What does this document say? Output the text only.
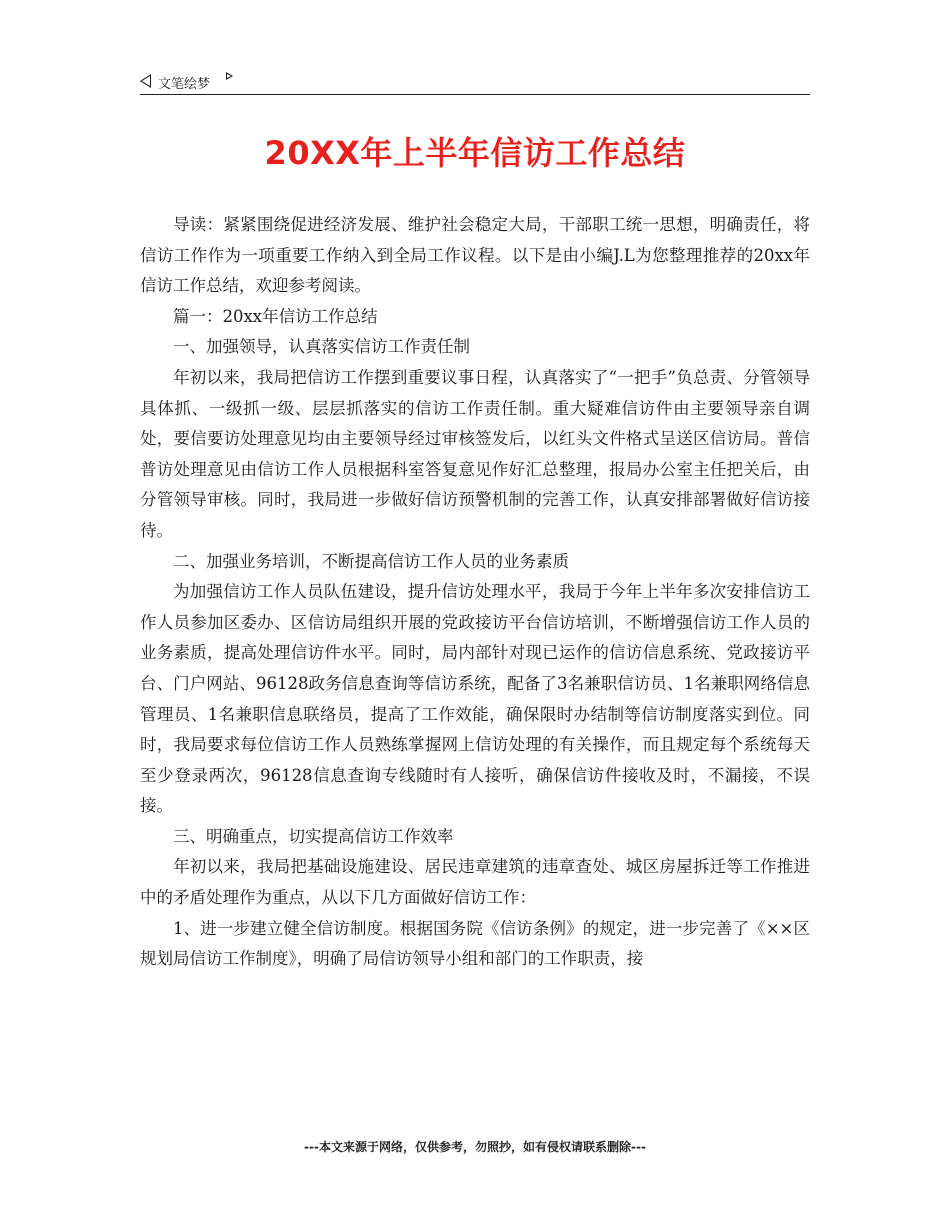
文笔绘梦
20XX年上半年信访工作总结

导读：紧紧围绕促进经济发展、维护社会稳定大局，干部职工统一思想，明确责任，将信访工作作为一项重要工作纳入到全局工作议程。以下是由小编J.L为您整理推荐的20xx年信访工作总结，欢迎参考阅读。

篇一：20xx年信访工作总结

一、加强领导，认真落实信访工作责任制

年初以来，我局把信访工作摆到重要议事日程，认真落实了“一把手”负总责、分管领导具体抓、一级抓一级、层层抓落实的信访工作责任制。重大疑难信访件由主要领导亲自调处，要信要访处理意见均由主要领导经过审核签发后，以红头文件格式呈送区信访局。普信普访处理意见由信访工作人员根据科室答复意见作好汇总整理，报局办公室主任把关后，由分管领导审核。同时，我局进一步做好信访预警机制的完善工作，认真安排部署做好信访接待。

二、加强业务培训，不断提高信访工作人员的业务素质

为加强信访工作人员队伍建设，提升信访处理水平，我局于今年上半年多次安排信访工作人员参加区委办、区信访局组织开展的党政接访平台信访培训，不断增强信访工作人员的业务素质，提高处理信访件水平。同时，局内部针对现已运作的信访信息系统、党政接访平台、门户网站、96128政务信息查询等信访系统，配备了3名兼职信访员、1名兼职网络信息管理员、1名兼职信息联络员，提高了工作效能，确保限时办结制等信访制度落实到位。同时，我局要求每位信访工作人员熟练掌握网上信访处理的有关操作，而且规定每个系统每天至少登录两次，96128信息查询专线随时有人接听，确保信访件接收及时，不漏接，不误接。

三、明确重点，切实提高信访工作效率

年初以来，我局把基础设施建设、居民违章建筑的违章查处、城区房屋拆迁等工作推进中的矛盾处理作为重点，从以下几方面做好信访工作：

1、进一步建立健全信访制度。根据国务院《信访条例》的规定，进一步完善了《××区规划局信访工作制度》，明确了局信访领导小组和部门的工作职责，接

---本文来源于网络，仅供参考，勿照抄，如有侵权请联系删除---
